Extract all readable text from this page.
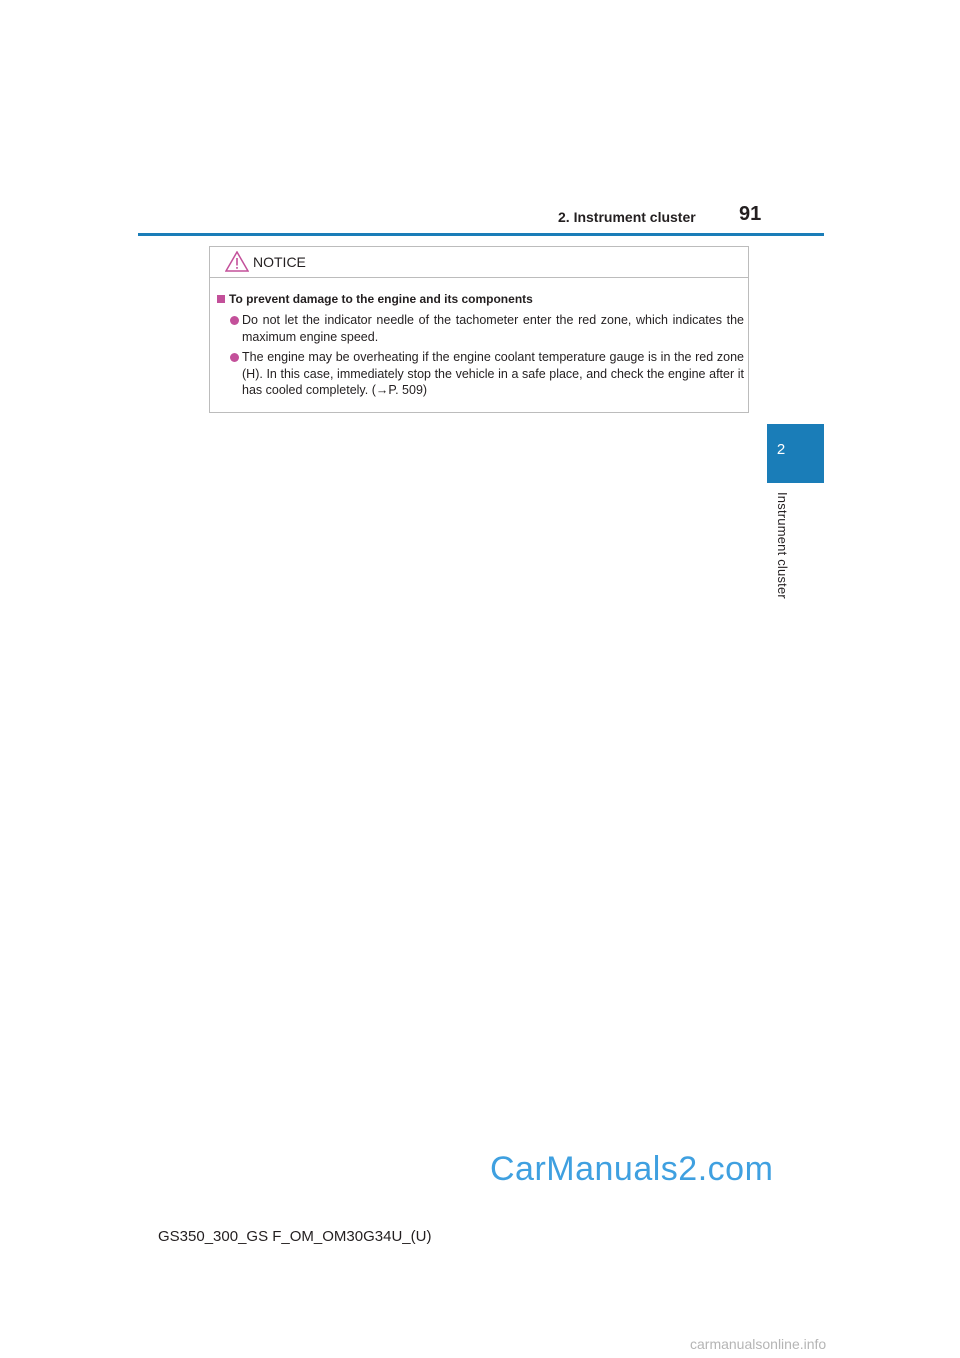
2. Instrument cluster 91
2
Instrument cluster
NOTICE
To prevent damage to the engine and its components
Do not let the indicator needle of the tachometer enter the red zone, which indicates the maximum engine speed.
The engine may be overheating if the engine coolant temperature gauge is in the red zone (H). In this case, immediately stop the vehicle in a safe place, and check the engine after it has cooled completely. (→P. 509)
CarManuals2.com
GS350_300_GS F_OM_OM30G34U_(U)
carmanualsonline.info
